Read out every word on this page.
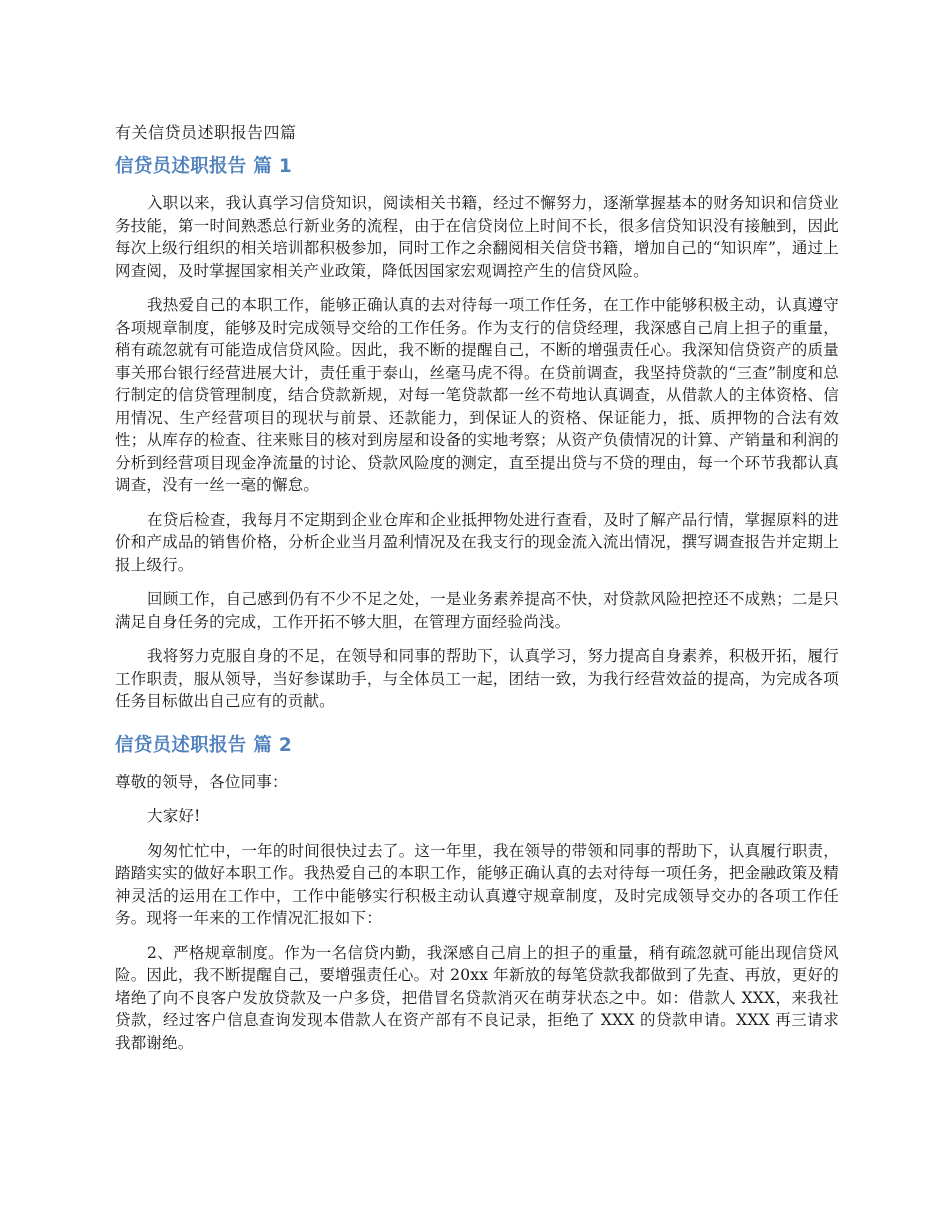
有关信贷员述职报告四篇
信贷员述职报告 篇 1

入职以来，我认真学习信贷知识，阅读相关书籍，经过不懈努力，逐渐掌握基本的财务知识和信贷业务技能，第一时间熟悉总行新业务的流程，由于在信贷岗位上时间不长，很多信贷知识没有接触到，因此每次上级行组织的相关培训都积极参加，同时工作之余翻阅相关信贷书籍，增加自己的“知识库”，通过上网查阅，及时掌握国家相关产业政策，降低因国家宏观调控产生的信贷风险。

我热爱自己的本职工作，能够正确认真的去对待每一项工作任务，在工作中能够积极主动，认真遵守各项规章制度，能够及时完成领导交给的工作任务。作为支行的信贷经理，我深感自己肩上担子的重量，稍有疏忽就有可能造成信贷风险。因此，我不断的提醒自己，不断的增强责任心。我深知信贷资产的质量事关邢台银行经营进展大计，责任重于泰山，丝毫马虎不得。在贷前调查，我坚持贷款的“三查”制度和总行制定的信贷管理制度，结合贷款新规，对每一笔贷款都一丝不苟地认真调查，从借款人的主体资格、信用情况、生产经营项目的现状与前景、还款能力，到保证人的资格、保证能力，抵、质押物的合法有效性；从库存的检查、往来账目的核对到房屋和设备的实地考察；从资产负债情况的计算、产销量和利润的分析到经营项目现金净流量的讨论、贷款风险度的测定，直至提出贷与不贷的理由，每一个环节我都认真调查，没有一丝一毫的懈怠。

在贷后检查，我每月不定期到企业仓库和企业抵押物处进行查看，及时了解产品行情，掌握原料的进价和产成品的销售价格，分析企业当月盈利情况及在我支行的现金流入流出情况，撰写调查报告并定期上报上级行。

回顾工作，自己感到仍有不少不足之处，一是业务素养提高不快，对贷款风险把控还不成熟；二是只满足自身任务的完成，工作开拓不够大胆，在管理方面经验尚浅。

我将努力克服自身的不足，在领导和同事的帮助下，认真学习，努力提高自身素养，积极开拓，履行工作职责，服从领导，当好参谋助手，与全体员工一起，团结一致，为我行经营效益的提高，为完成各项任务目标做出自己应有的贡献。

信贷员述职报告 篇 2

尊敬的领导，各位同事：

大家好!

匆匆忙忙中，一年的时间很快过去了。这一年里，我在领导的带领和同事的帮助下，认真履行职责，踏踏实实的做好本职工作。我热爱自己的本职工作，能够正确认真的去对待每一项任务，把金融政策及精神灵活的运用在工作中，工作中能够实行积极主动认真遵守规章制度，及时完成领导交办的各项工作任务。现将一年来的工作情况汇报如下：

2、严格规章制度。作为一名信贷内勤，我深感自己肩上的担子的重量，稍有疏忽就可能出现信贷风险。因此，我不断提醒自己，要增强责任心。对 20xx 年新放的每笔贷款我都做到了先查、再放，更好的堵绝了向不良客户发放贷款及一户多贷，把借冒名贷款消灭在萌芽状态之中。如：借款人 XXX，来我社贷款，经过客户信息查询发现本借款人在资产部有不良记录，拒绝了 XXX 的贷款申请。XXX 再三请求我都谢绝。
